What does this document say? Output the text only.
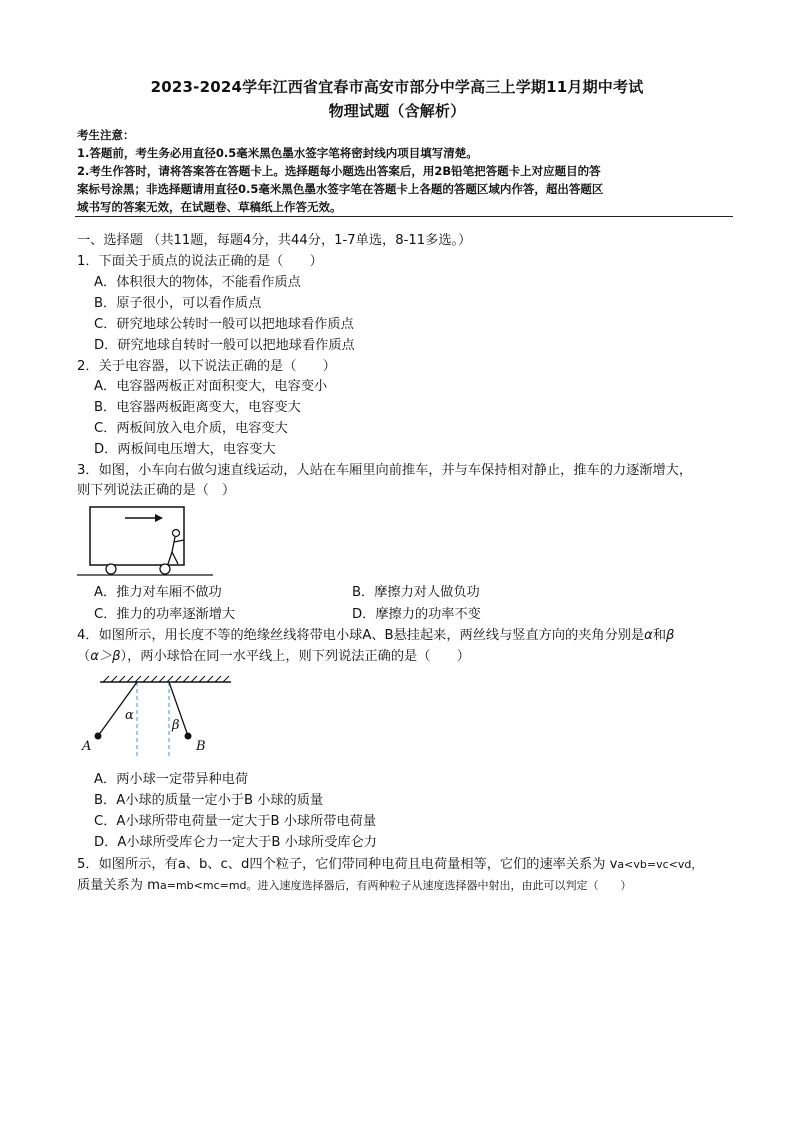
2023-2024学年江西省宜春市高安市部分中学高三上学期11月期中考试
物理试题（含解析）
考生注意：
1.答题前，考生务必用直径0.5毫米黑色墨水签字笔将密封线内项目填写清楚。
2.考生作答时，请将答案答在答题卡上。选择题每小题选出答案后，用2B铅笔把答题卡上对应题目的答
案标号涂黑；非选择题请用直径0.5毫米黑色墨水签字笔在答题卡上各题的答题区域内作答，超出答题区
域书写的答案无效，在试题卷、草稿纸上作答无效。
一、选择题 （共11题，每题4分，共44分，1-7单选，8-11多选。）
1．下面关于质点的说法正确的是（　　）
A．体积很大的物体，不能看作质点
B．原子很小，可以看作质点
C．研究地球公转时一般可以把地球看作质点
D．研究地球自转时一般可以把地球看作质点
2．关于电容器，以下说法正确的是（　　）
A．电容器两板正对面积变大，电容变小
B．电容器两板距离变大，电容变大
C．两板间放入电介质，电容变大
D．两板间电压增大，电容变大
3．如图，小车向右做匀速直线运动，人站在车厢里向前推车，并与车保持相对静止，推车的力逐渐增大，
则下列说法正确的是（　）
A．推力对车厢不做功	B．摩擦力对人做负功
C．推力的功率逐渐增大	D．摩擦力的功率不变
4．如图所示，用长度不等的绝缘丝线将带电小球A、B悬挂起来，两丝线与竖直方向的夹角分别是α和β
（α＞β），两小球恰在同一水平线上，则下列说法正确的是（　　）
α
β
A	B
A．两小球一定带异种电荷
B．A小球的质量一定小于B 小球的质量
C．A小球所带电荷量一定大于B 小球所带电荷量
D．A小球所受库仑力一定大于B 小球所受库仑力
5．如图所示，有a、b、c、d四个粒子，它们带同种电荷且电荷量相等，它们的速率关系为 va<vb=vc<vd，
质量关系为 ma=mb<mc=md。进入速度选择器后，有两种粒子从速度选择器中射出，由此可以判定（　　）
